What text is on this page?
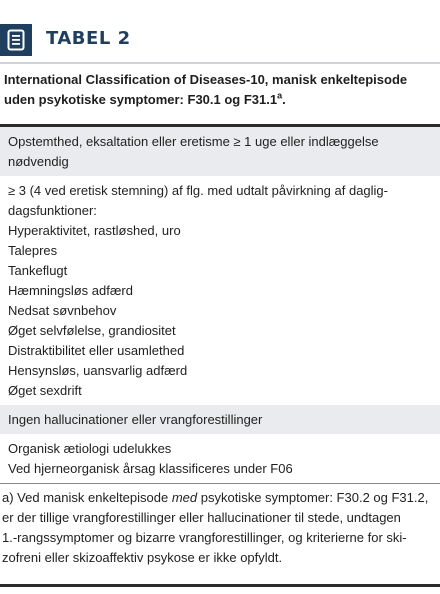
TABEL 2
International Classification of Diseases-10, manisk enkeltepisode uden psykotiske symptomer: F30.1 og F31.1$^a$.
Opstemthed, eksaltation eller eretisme ≥ 1 uge eller indlæggelse
nødvendig
≥ 3 (4 ved eretisk stemning) af flg. med udtalt påvirkning af daglig-
dagsfunktioner:
Hyperaktivitet, rastløshed, uro
Talepres
Tankeflugt
Hæmningsløs adfærd
Nedsat søvnbehov
Øget selvfølelse, grandiositet
Distraktibilitet eller usamlethed
Hensynsløs, uansvarlig adfærd
Øget sexdrift
Ingen hallucinationer eller vrangforestillinger
Organisk ætiologi udelukkes
Ved hjerneorganisk årsag klassificeres under F06
a) Ved manisk enkeltepisode med psykotiske symptomer: F30.2 og F31.2,
er der tillige vrangforestillinger eller hallucinationer til stede, undtagen
1.-rangssymptomer og bizarre vrangforestillinger, og kriterierne for ski-
zofreni eller skizoaffektiv psykose er ikke opfyldt.
